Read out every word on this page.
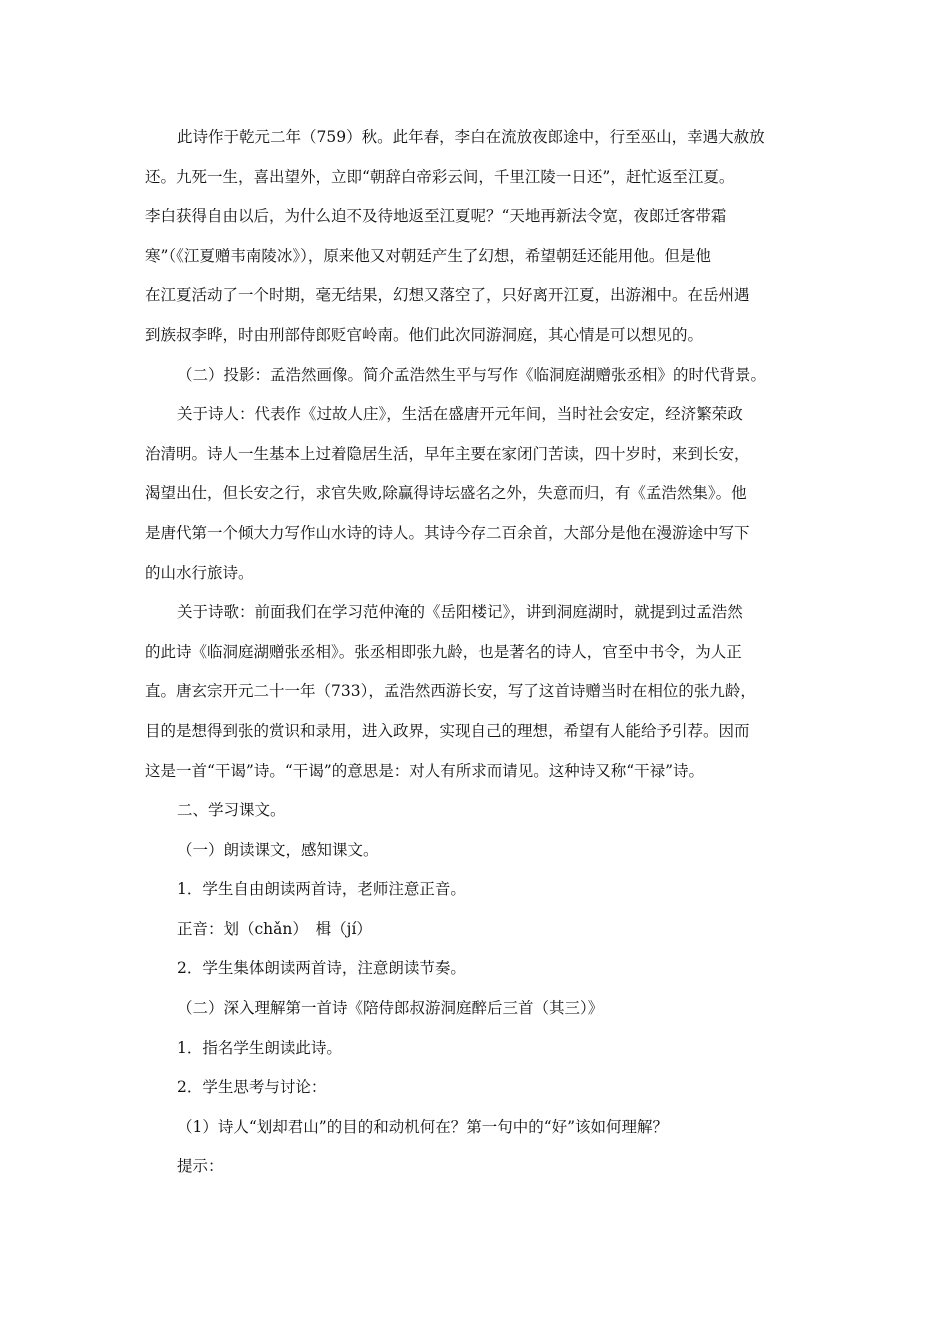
此诗作于乾元二年（759）秋。此年春，李白在流放夜郎途中，行至巫山，幸遇大赦放
还。九死一生，喜出望外，立即“朝辞白帝彩云间，千里江陵一日还”，赶忙返至江夏。
李白获得自由以后，为什么迫不及待地返至江夏呢？“天地再新法令宽，夜郎迁客带霜
寒”（《江夏赠韦南陵冰》），原来他又对朝廷产生了幻想，希望朝廷还能用他。但是他
在江夏活动了一个时期，毫无结果，幻想又落空了，只好离开江夏，出游湘中。在岳州遇
到族叔李晔，时由刑部侍郎贬官岭南。他们此次同游洞庭，其心情是可以想见的。
（二）投影：孟浩然画像。简介孟浩然生平与写作《临洞庭湖赠张丞相》的时代背景。
关于诗人：代表作《过故人庄》，生活在盛唐开元年间，当时社会安定，经济繁荣政
治清明。诗人一生基本上过着隐居生活，早年主要在家闭门苦读，四十岁时，来到长安，
渴望出仕，但长安之行，求官失败,除赢得诗坛盛名之外，失意而归，有《孟浩然集》。他
是唐代第一个倾大力写作山水诗的诗人。其诗今存二百余首，大部分是他在漫游途中写下
的山水行旅诗。
关于诗歌：前面我们在学习范仲淹的《岳阳楼记》，讲到洞庭湖时，就提到过孟浩然
的此诗《临洞庭湖赠张丞相》。张丞相即张九龄，也是著名的诗人，官至中书令，为人正
直。唐玄宗开元二十一年（733），孟浩然西游长安，写了这首诗赠当时在相位的张九龄，
目的是想得到张的赏识和录用，进入政界，实现自己的理想，希望有人能给予引荐。因而
这是一首“干谒”诗。“干谒”的意思是：对人有所求而请见。这种诗又称“干禄”诗。
二、学习课文。
（一）朗读课文，感知课文。
1．学生自由朗读两首诗，老师注意正音。
正音：划（chǎn）　楫（jí）
2．学生集体朗读两首诗，注意朗读节奏。
（二）深入理解第一首诗《陪侍郎叔游洞庭醉后三首（其三）》
1．指名学生朗读此诗。
2．学生思考与讨论：
（1）诗人“划却君山”的目的和动机何在？第一句中的“好”该如何理解？
提示：
